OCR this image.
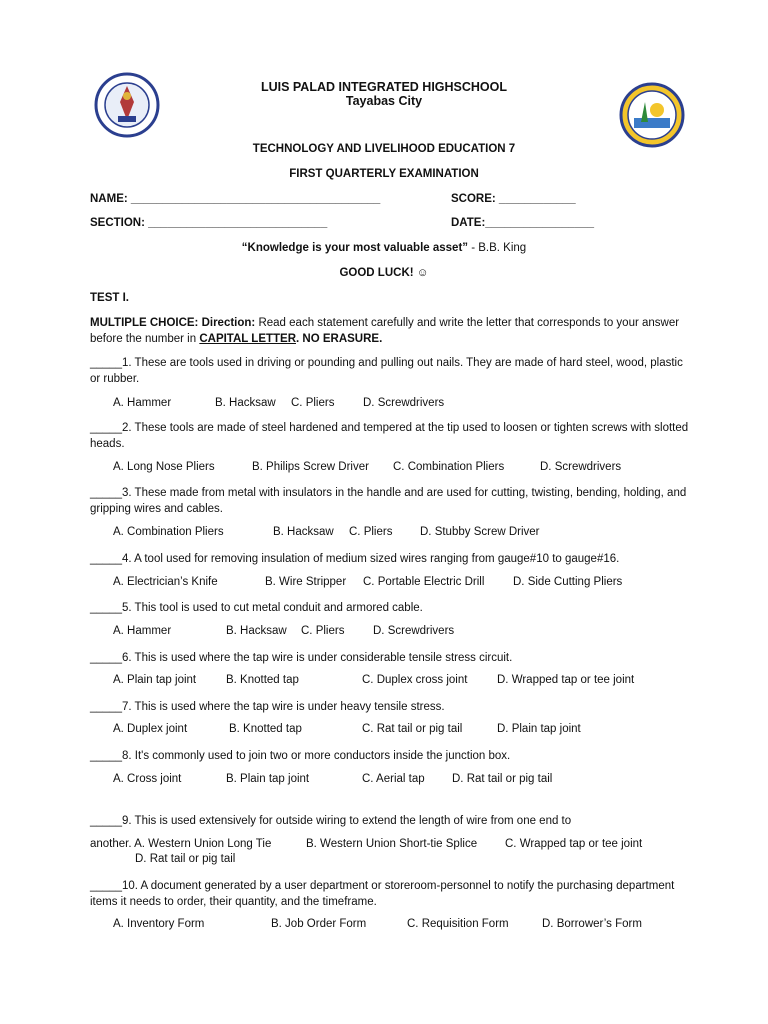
LUIS PALAD INTEGRATED HIGHSCHOOL
Tayabas City
TECHNOLOGY AND LIVELIHOOD EDUCATION 7
FIRST QUARTERLY EXAMINATION
NAME: _______________________________________	SCORE: ____________
SECTION: ____________________________	DATE:_________________
“Knowledge is your most valuable asset” - B.B. King
GOOD LUCK! ☺
TEST I.
MULTIPLE CHOICE: Direction: Read each statement carefully and write the letter that corresponds to your answer before the number in CAPITAL LETTER. NO ERASURE.
_____1. These are tools used in driving or pounding and pulling out nails. They are made of hard steel, wood, plastic or rubber.
A. Hammer	B. Hacksaw C. Pliers D. Screwdrivers
_____2. These tools are made of steel hardened and tempered at the tip used to loosen or tighten screws with slotted heads.
A. Long Nose Pliers	B. Philips Screw Driver C. Combination Pliers	D. Screwdrivers
_____3. These made from metal with insulators in the handle and are used for cutting, twisting, bending, holding, and gripping wires and cables.
A. Combination Pliers	B. Hacksaw C. Pliers D. Stubby Screw Driver
_____4. A tool used for removing insulation of medium sized wires ranging from gauge#10 to gauge#16.
A. Electrician’s Knife	B. Wire Stripper C. Portable Electric Drill D. Side Cutting Pliers
_____5. This tool is used to cut metal conduit and armored cable.
A. Hammer	B. Hacksaw C. Pliers D. Screwdrivers
_____6. This is used where the tap wire is under considerable tensile stress circuit.
A. Plain tap joint	B. Knotted tap	C. Duplex cross joint	D. Wrapped tap or tee joint
_____7. This is used where the tap wire is under heavy tensile stress.
A. Duplex joint	B. Knotted tap	C. Rat tail or pig tail	D. Plain tap joint
_____8. It's commonly used to join two or more conductors inside the junction box.
A. Cross joint	B. Plain tap joint	C. Aerial tap D. Rat tail or pig tail
_____9. This is used extensively for outside wiring to extend the length of wire from one end to
another. A. Western Union Long Tie	B. Western Union Short-tie Splice C. Wrapped tap or tee joint
D. Rat tail or pig tail
_____10. A document generated by a user department or storeroom-personnel to notify the purchasing department items it needs to order, their quantity, and the timeframe.
A. Inventory Form	B. Job Order Form	C. Requisition Form	D. Borrower’s Form
